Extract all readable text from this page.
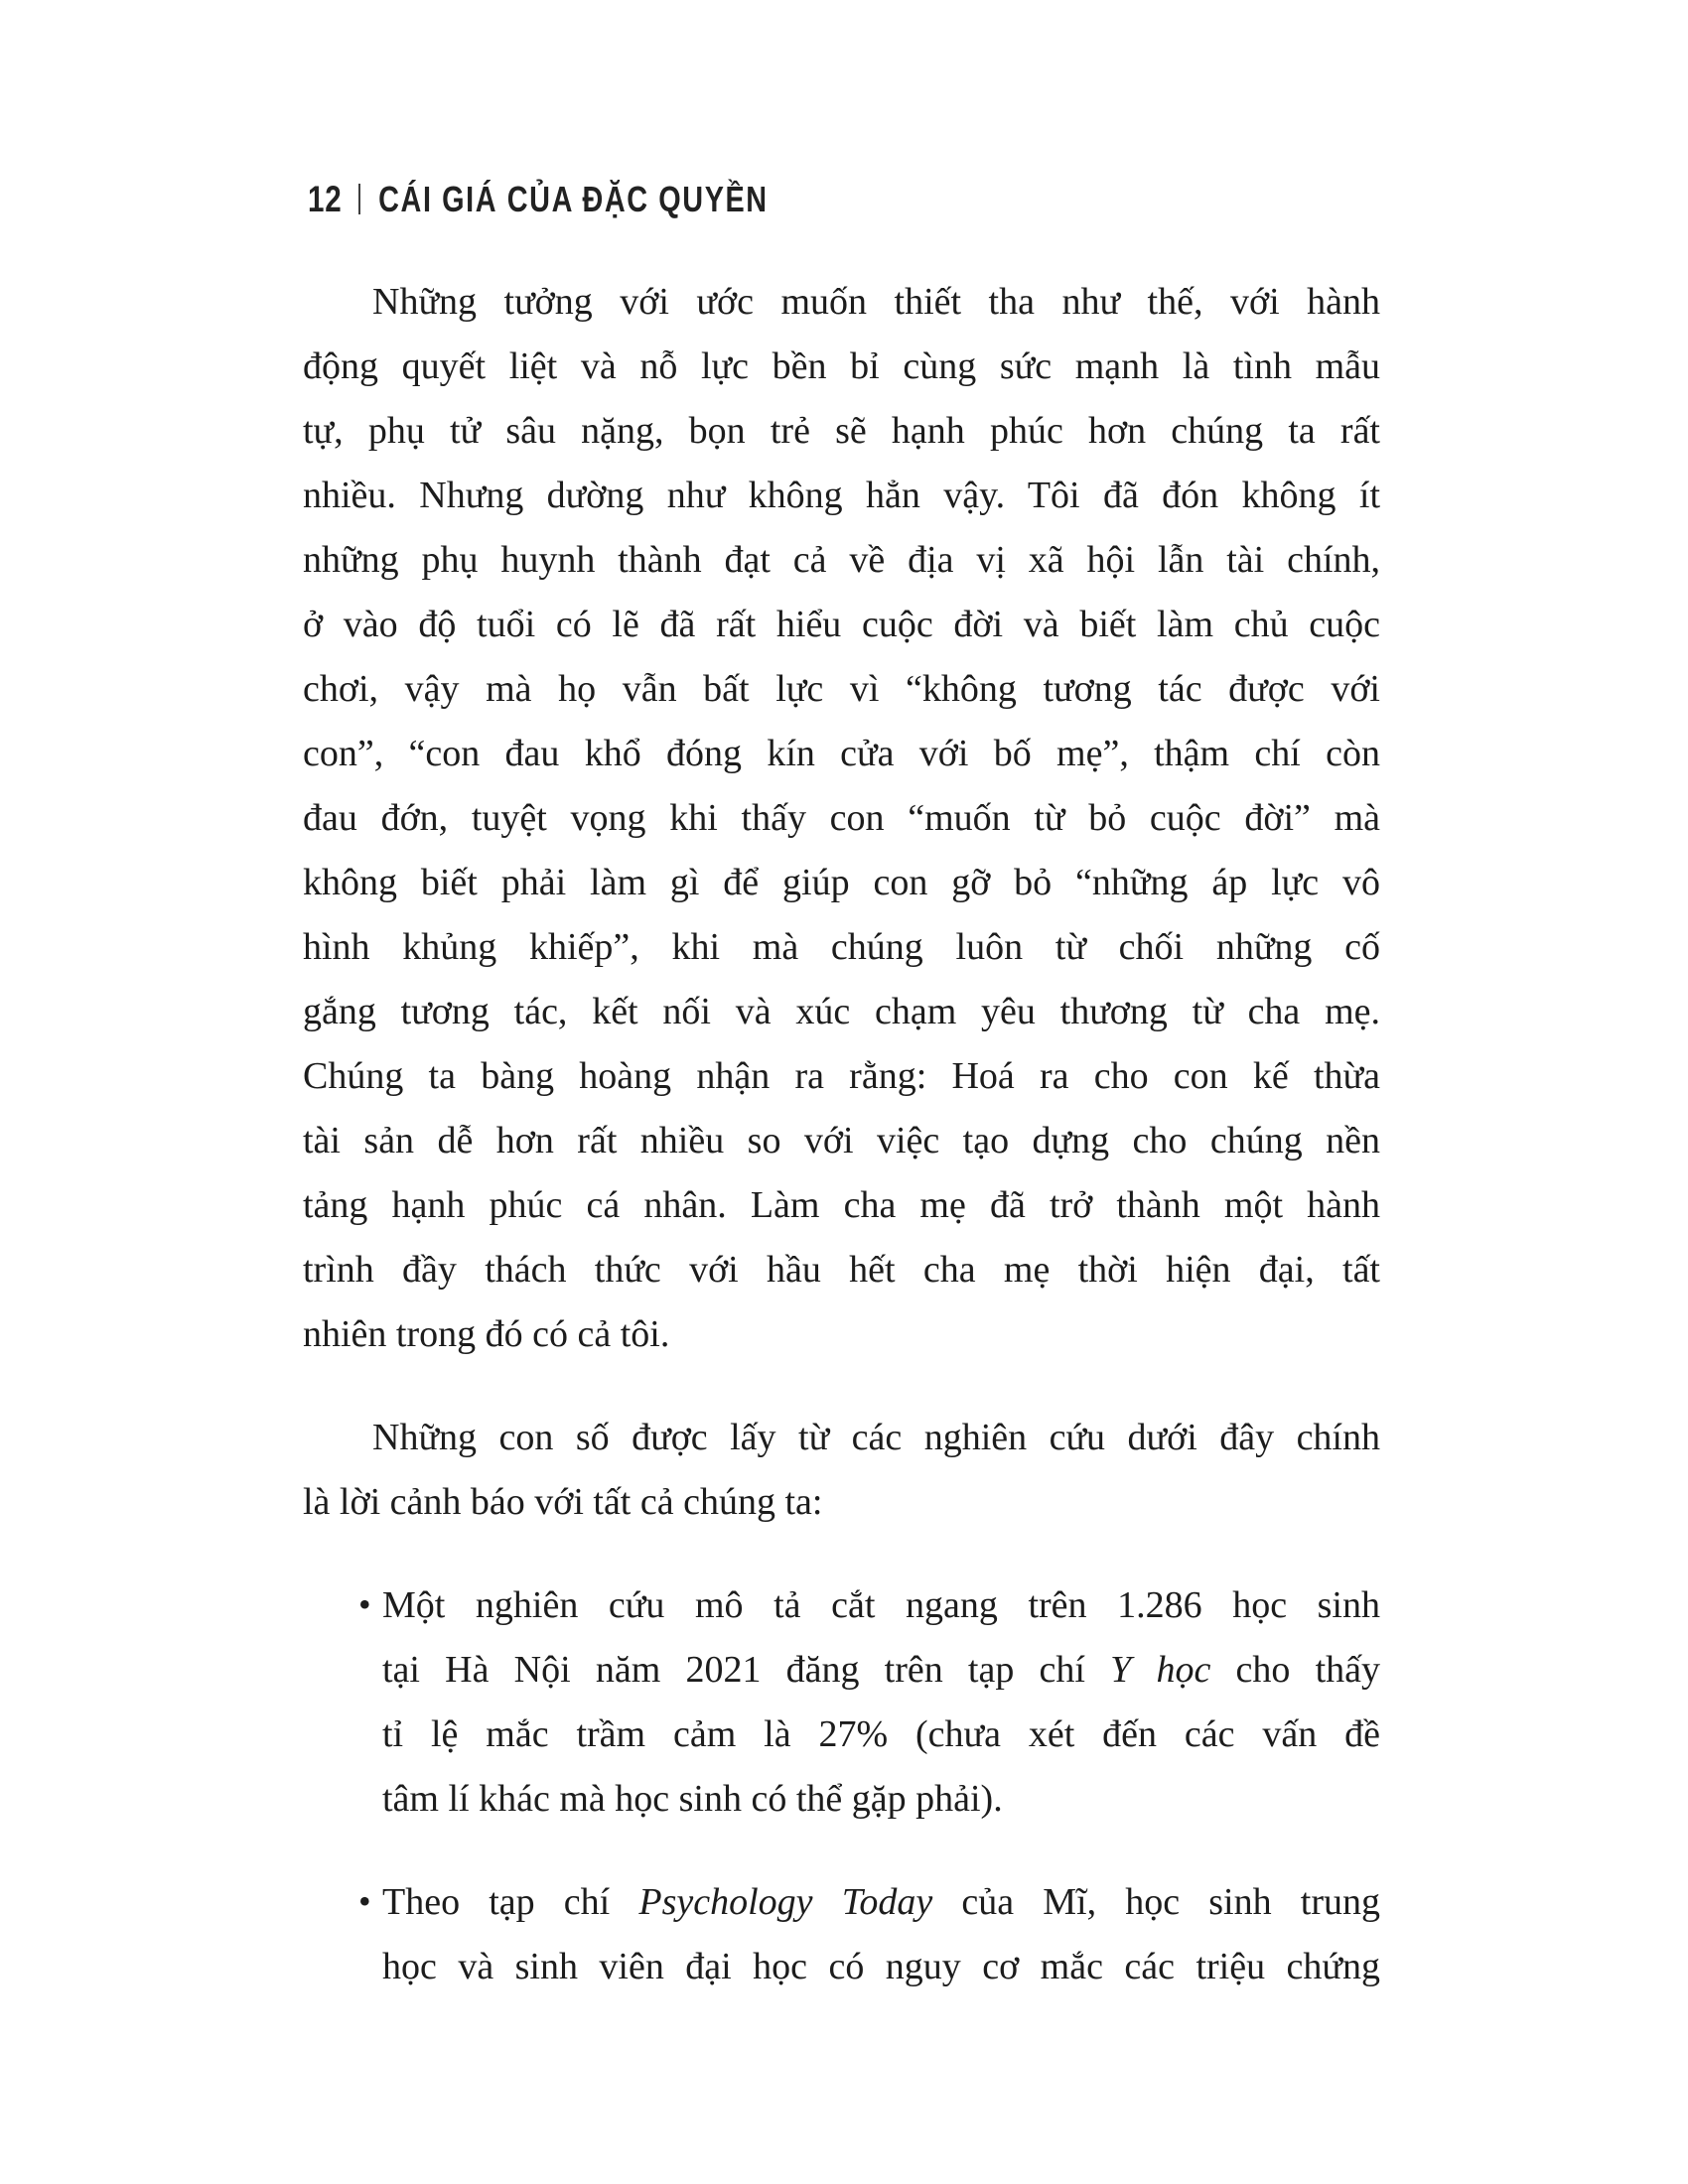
12 | CÁI GIÁ CỦA ĐẶC QUYỀN
Những tưởng với ước muốn thiết tha như thế, với hành
động quyết liệt và nỗ lực bền bỉ cùng sức mạnh là tình mẫu
tự, phụ tử sâu nặng, bọn trẻ sẽ hạnh phúc hơn chúng ta rất
nhiều. Nhưng dường như không hẳn vậy. Tôi đã đón không ít
những phụ huynh thành đạt cả về địa vị xã hội lẫn tài chính,
ở vào độ tuổi có lẽ đã rất hiểu cuộc đời và biết làm chủ cuộc
chơi, vậy mà họ vẫn bất lực vì “không tương tác được với
con”, “con đau khổ đóng kín cửa với bố mẹ”, thậm chí còn
đau đớn, tuyệt vọng khi thấy con “muốn từ bỏ cuộc đời” mà
không biết phải làm gì để giúp con gỡ bỏ “những áp lực vô
hình khủng khiếp”, khi mà chúng luôn từ chối những cố
gắng tương tác, kết nối và xúc chạm yêu thương từ cha mẹ.
Chúng ta bàng hoàng nhận ra rằng: Hoá ra cho con kế thừa
tài sản dễ hơn rất nhiều so với việc tạo dựng cho chúng nền
tảng hạnh phúc cá nhân. Làm cha mẹ đã trở thành một hành
trình đầy thách thức với hầu hết cha mẹ thời hiện đại, tất
nhiên trong đó có cả tôi.
Những con số được lấy từ các nghiên cứu dưới đây chính
là lời cảnh báo với tất cả chúng ta:
• Một nghiên cứu mô tả cắt ngang trên 1.286 học sinh
tại Hà Nội năm 2021 đăng trên tạp chí Y học cho thấy
tỉ lệ mắc trầm cảm là 27% (chưa xét đến các vấn đề
tâm lí khác mà học sinh có thể gặp phải).
• Theo tạp chí Psychology Today của Mĩ, học sinh trung
học và sinh viên đại học có nguy cơ mắc các triệu chứng
